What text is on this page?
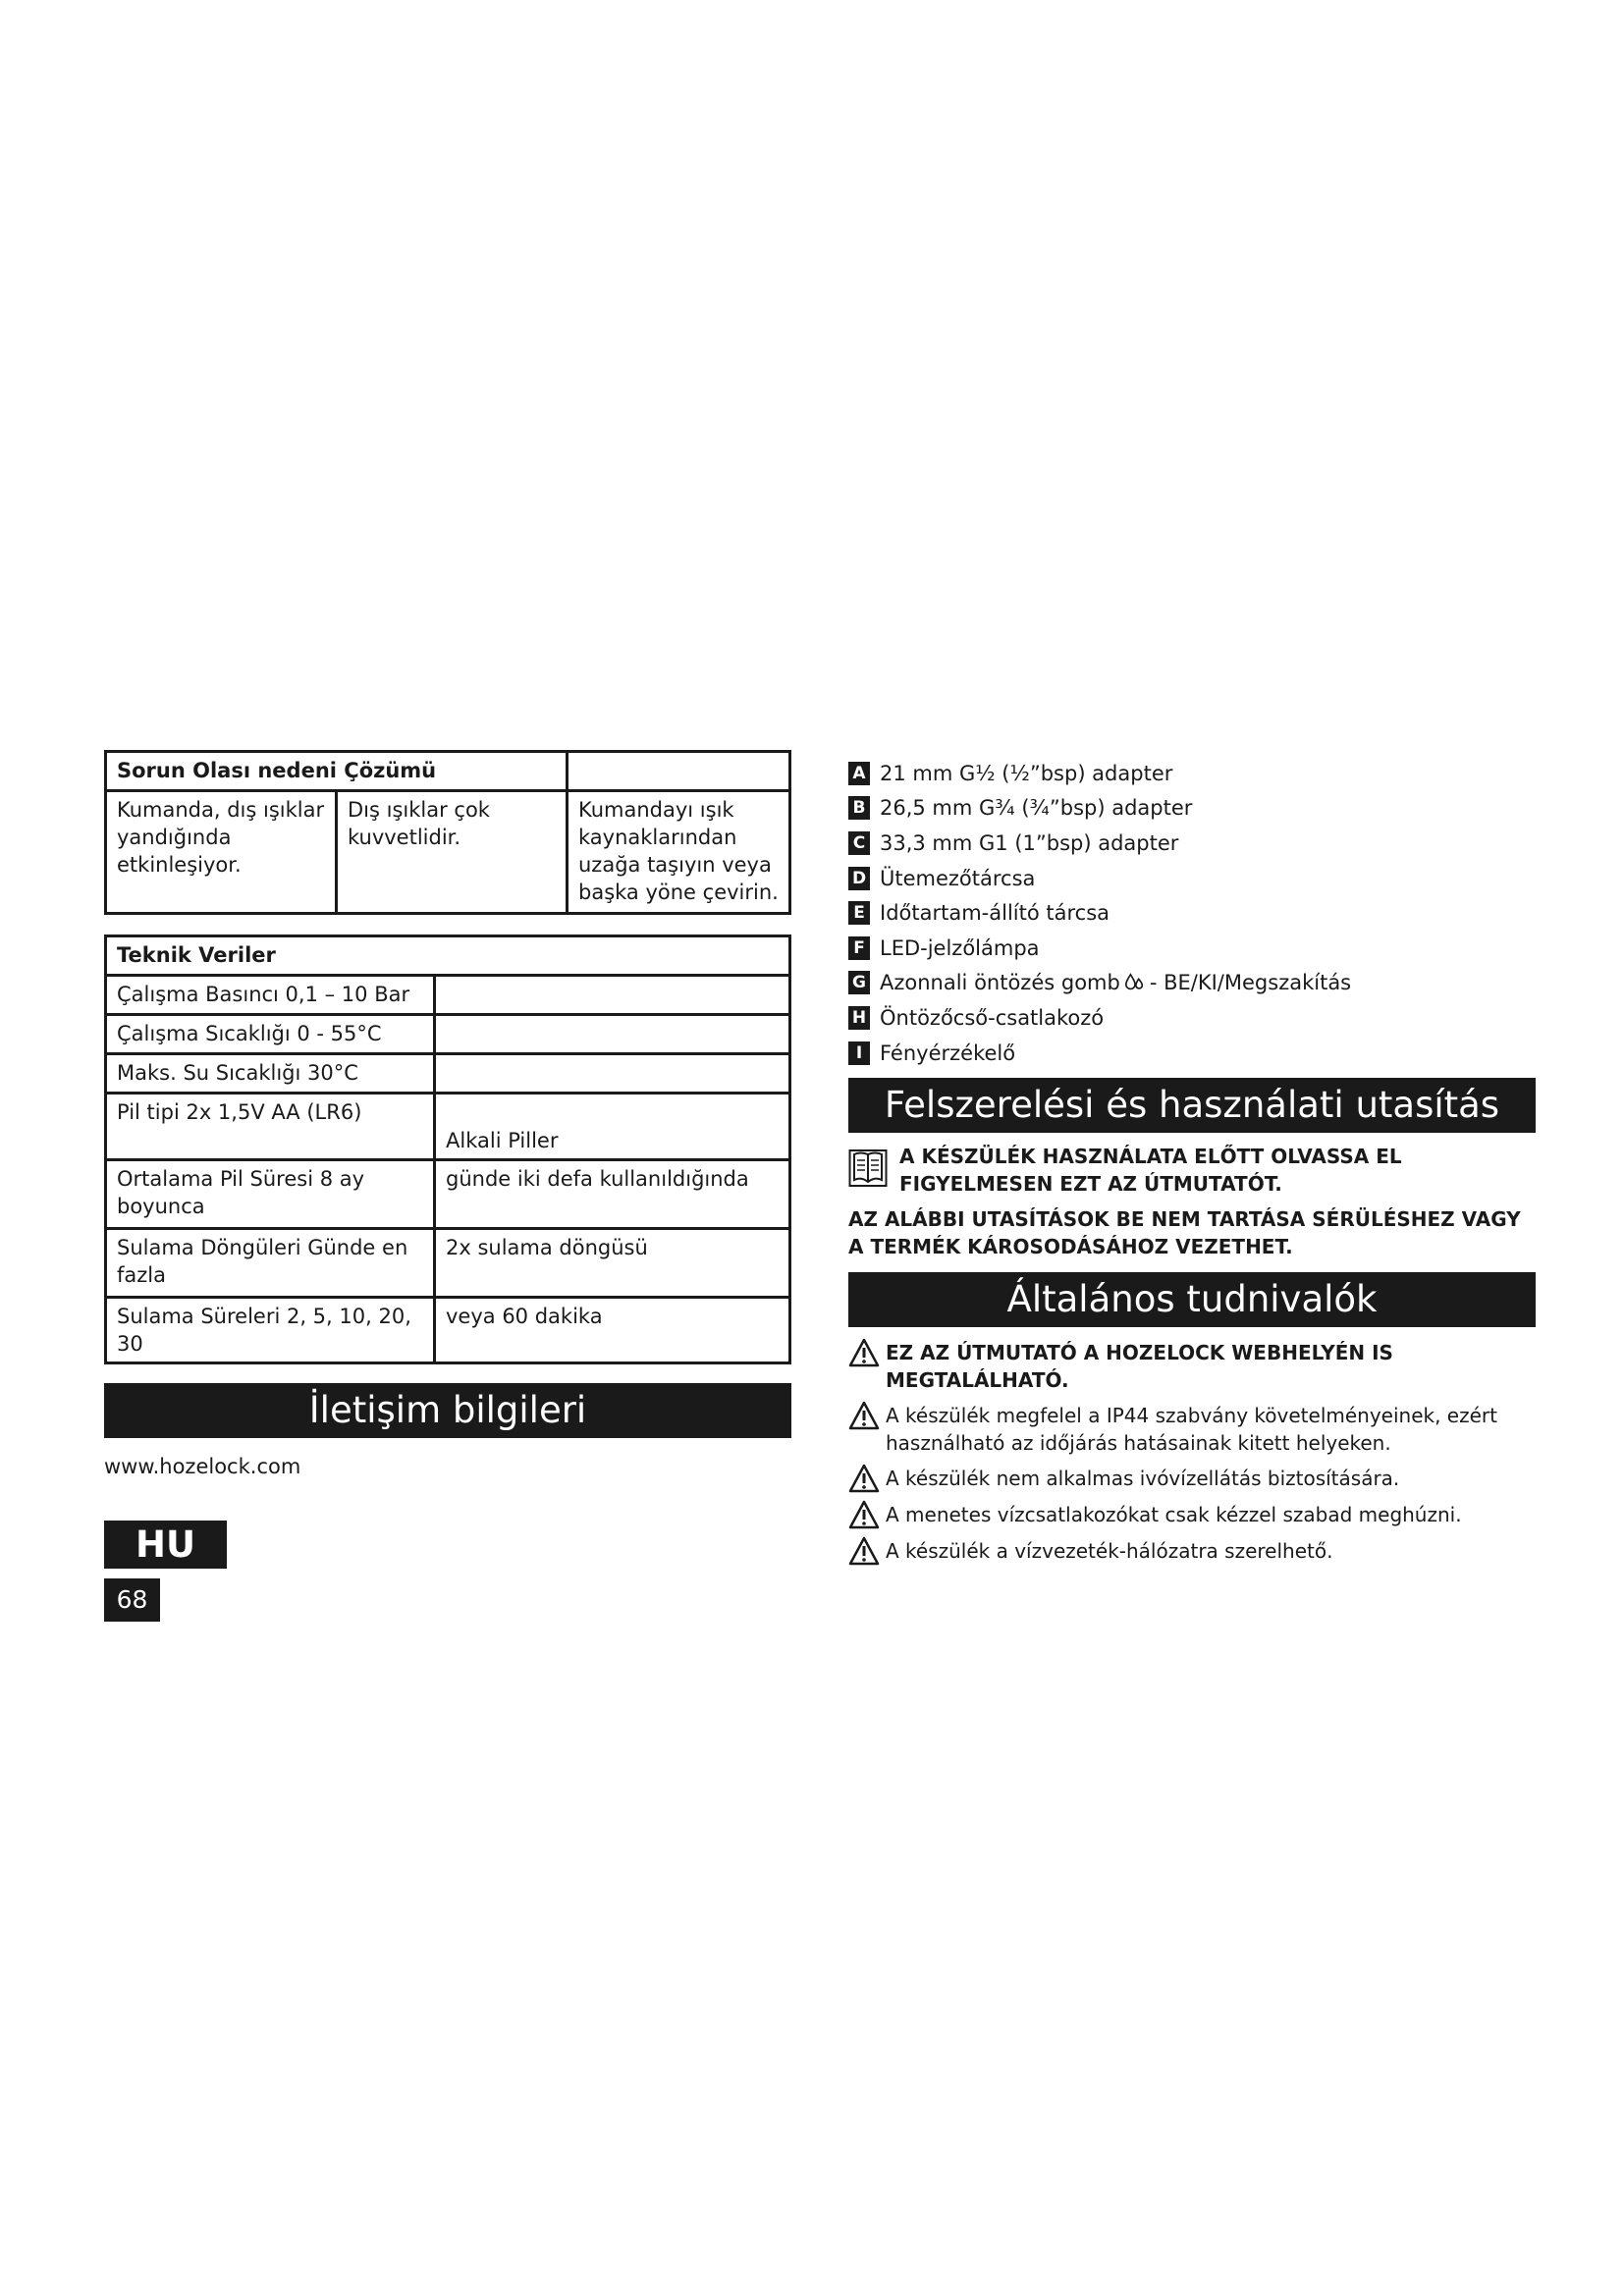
Sorun Olası nedeni Çözümü		
Kumanda, dış ışıklar yandığında etkinleşiyor.	Dış ışıklar çok kuvvetlidir.	Kumandayı ışık kaynaklarından uzağa taşıyın veya başka yöne çevirin.
Teknik Veriler	
Çalışma Basıncı 0,1 – 10 Bar	
Çalışma Sıcaklığı 0 - 55°C	
Maks. Su Sıcaklığı 30°C	
Pil tipi 2x 1,5V AA (LR6)	Alkali Piller
Ortalama Pil Süresi 8 ay boyunca	günde iki defa kullanıldığında
Sulama Döngüleri Günde en fazla	2x sulama döngüsü
Sulama Süreleri 2, 5, 10, 20, 30	veya 60 dakika
İletişim bilgileri
www.hozelock.com
HU
68
A 21 mm G½ (½”bsp) adapter
B 26,5 mm G¾ (¾”bsp) adapter
C 33,3 mm G1 (1”bsp) adapter
D Ütemezőtárcsa
E Időtartam-állító tárcsa
F LED-jelzőlámpa
G Azonnali öntözés gomb - BE/KI/Megszakítás
H Öntözőcső-csatlakozó
I Fényérzékelő
Felszerelési és használati utasítás
A KÉSZÜLÉK HASZNÁLATA ELŐTT OLVASSA EL FIGYELMESEN EZT AZ ÚTMUTATÓT.
AZ ALÁBBI UTASÍTÁSOK BE NEM TARTÁSA SÉRÜLÉSHEZ VAGY A TERMÉK KÁROSODÁSÁHOZ VEZETHET.
Általános tudnivalók
EZ AZ ÚTMUTATÓ A HOZELOCK WEBHELYÉN IS MEGTALÁLHATÓ.
A készülék megfelel a IP44 szabvány követelményeinek, ezért használható az időjárás hatásainak kitett helyeken.
A készülék nem alkalmas ivóvízellátás biztosítására.
A menetes vízcsatlakozókat csak kézzel szabad meghúzni.
A készülék a vízvezeték-hálózatra szerelhető.
